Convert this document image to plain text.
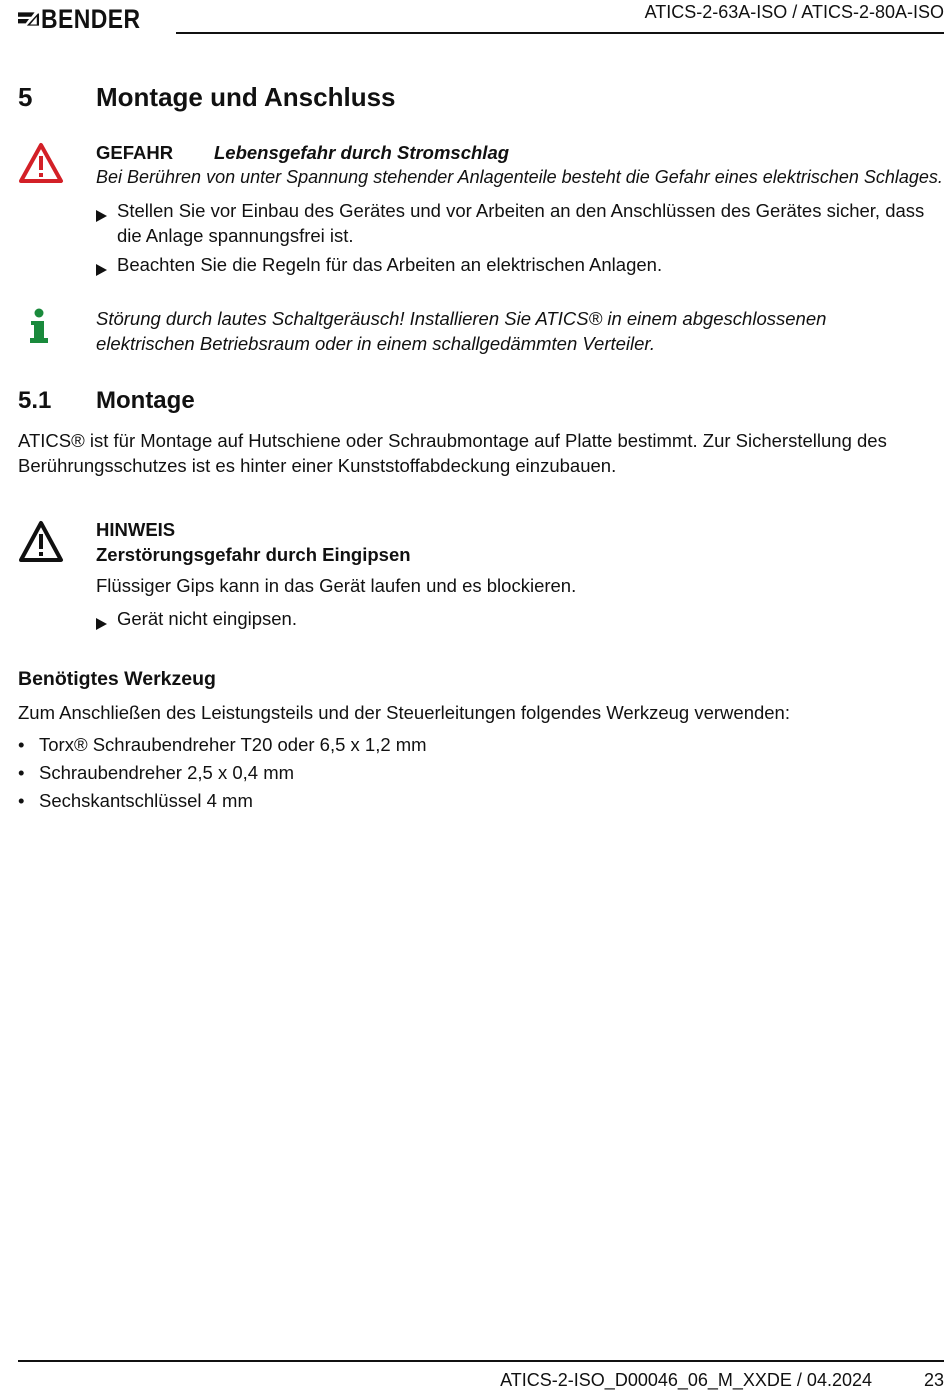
BENDER	ATICS-2-63A-ISO / ATICS-2-80A-ISO
5 Montage und Anschluss
GEFAHR Lebensgefahr durch Stromschlag
Bei Berühren von unter Spannung stehender Anlagenteile besteht die Gefahr eines elektrischen Schlages.
Stellen Sie vor Einbau des Gerätes und vor Arbeiten an den Anschlüssen des Gerätes sicher, dass die Anlage spannungsfrei ist.
Beachten Sie die Regeln für das Arbeiten an elektrischen Anlagen.
Störung durch lautes Schaltgeräusch! Installieren Sie ATICS® in einem abgeschlossenen elektrischen Betriebsraum oder in einem schallgedämmten Verteiler.
5.1 Montage
ATICS® ist für Montage auf Hutschiene oder Schraubmontage auf Platte bestimmt. Zur Sicherstellung des Berührungsschutzes ist es hinter einer Kunststoffabdeckung einzubauen.
HINWEIS
Zerstörungsgefahr durch Eingipsen
Flüssiger Gips kann in das Gerät laufen und es blockieren.
Gerät nicht eingipsen.
Benötigtes Werkzeug
Zum Anschließen des Leistungsteils und der Steuerleitungen folgendes Werkzeug verwenden:
• Torx® Schraubendreher T20 oder 6,5 x 1,2 mm
• Schraubendreher 2,5 x 0,4 mm
• Sechskantschlüssel 4 mm
ATICS-2-ISO_D00046_06_M_XXDE / 04.2024	23
